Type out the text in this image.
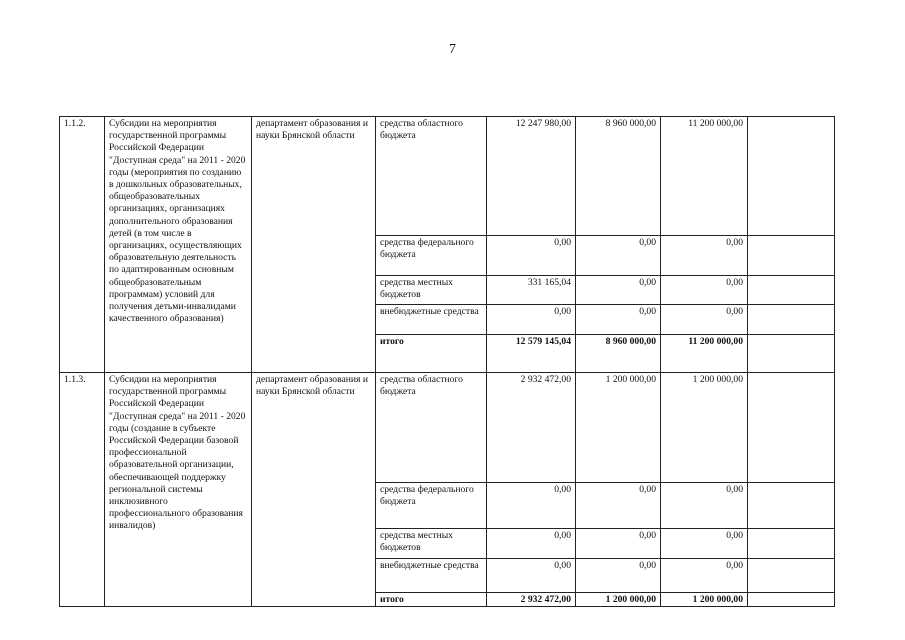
7
1.1.2.	Субсидии на мероприятия государственной программы Российской Федерации "Доступная среда" на 2011 - 2020 годы (мероприятия по созданию в дошкольных образовательных, общеобразовательных организациях, организациях дополнительного образования детей (в том числе в организациях, осуществляющих образовательную деятельность по адаптированным основным общеобразовательным программам) условий для получения детьми-инвалидами качественного образования)	департамент образования и науки Брянской области	средства областного бюджета	12 247 980,00	8 960 000,00	11 200 000,00	
			средства федерального бюджета	0,00	0,00	0,00	
			средства местных бюджетов	331 165,04	0,00	0,00	
			внебюджетные средства	0,00	0,00	0,00	
			итого	12 579 145,04	8 960 000,00	11 200 000,00	
1.1.3.	Субсидии на мероприятия государственной программы Российской Федерации "Доступная среда" на 2011 - 2020 годы (создание в субъекте Российской Федерации базовой профессиональной образовательной организации, обеспечивающей поддержку региональной системы инклюзивного профессионального образования инвалидов)	департамент образования и науки Брянской области	средства областного бюджета	2 932 472,00	1 200 000,00	1 200 000,00	
			средства федерального бюджета	0,00	0,00	0,00	
			средства местных бюджетов	0,00	0,00	0,00	
			внебюджетные средства	0,00	0,00	0,00	
			итого	2 932 472,00	1 200 000,00	1 200 000,00	
